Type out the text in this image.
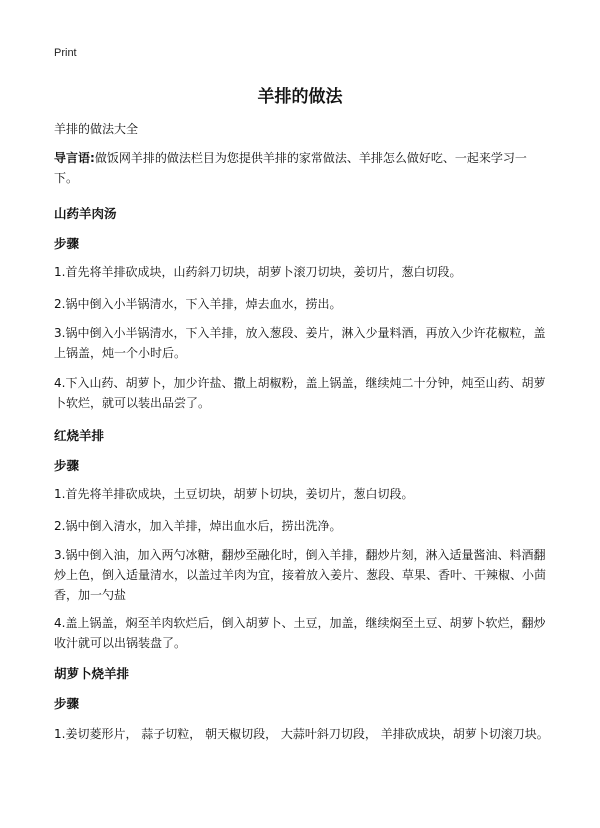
Print
羊排的做法
羊排的做法大全
导言语:做饭网羊排的做法栏目为您提供羊排的家常做法、羊排怎么做好吃、一起来学习一下。
山药羊肉汤
步骤

1.首先将羊排砍成块，山药斜刀切块，胡萝卜滚刀切块，姜切片，葱白切段。

2.锅中倒入小半锅清水，下入羊排，焯去血水，捞出。

3.锅中倒入小半锅清水，下入羊排，放入葱段、姜片，淋入少量料酒，再放入少许花椒粒，盖上锅盖，炖一个小时后。

4.下入山药、胡萝卜，加少许盐、撒上胡椒粉，盖上锅盖，继续炖二十分钟，炖至山药、胡萝卜软烂，就可以装出品尝了。

红烧羊排
步骤

1.首先将羊排砍成块，土豆切块，胡萝卜切块，姜切片，葱白切段。

2.锅中倒入清水，加入羊排，焯出血水后，捞出洗净。

3.锅中倒入油，加入两勺冰糖，翻炒至融化时，倒入羊排，翻炒片刻，淋入适量酱油、料酒翻炒上色，倒入适量清水，以盖过羊肉为宜，接着放入姜片、葱段、草果、香叶、干辣椒、小茴香，加一勺盐

4.盖上锅盖，焖至羊肉软烂后，倒入胡萝卜、土豆，加盖，继续焖至土豆、胡萝卜软烂，翻炒收汁就可以出锅装盘了。

胡萝卜烧羊排
步骤

1.姜切菱形片， 蒜子切粒， 朝天椒切段， 大蒜叶斜刀切段， 羊排砍成块，胡萝卜切滚刀块。
